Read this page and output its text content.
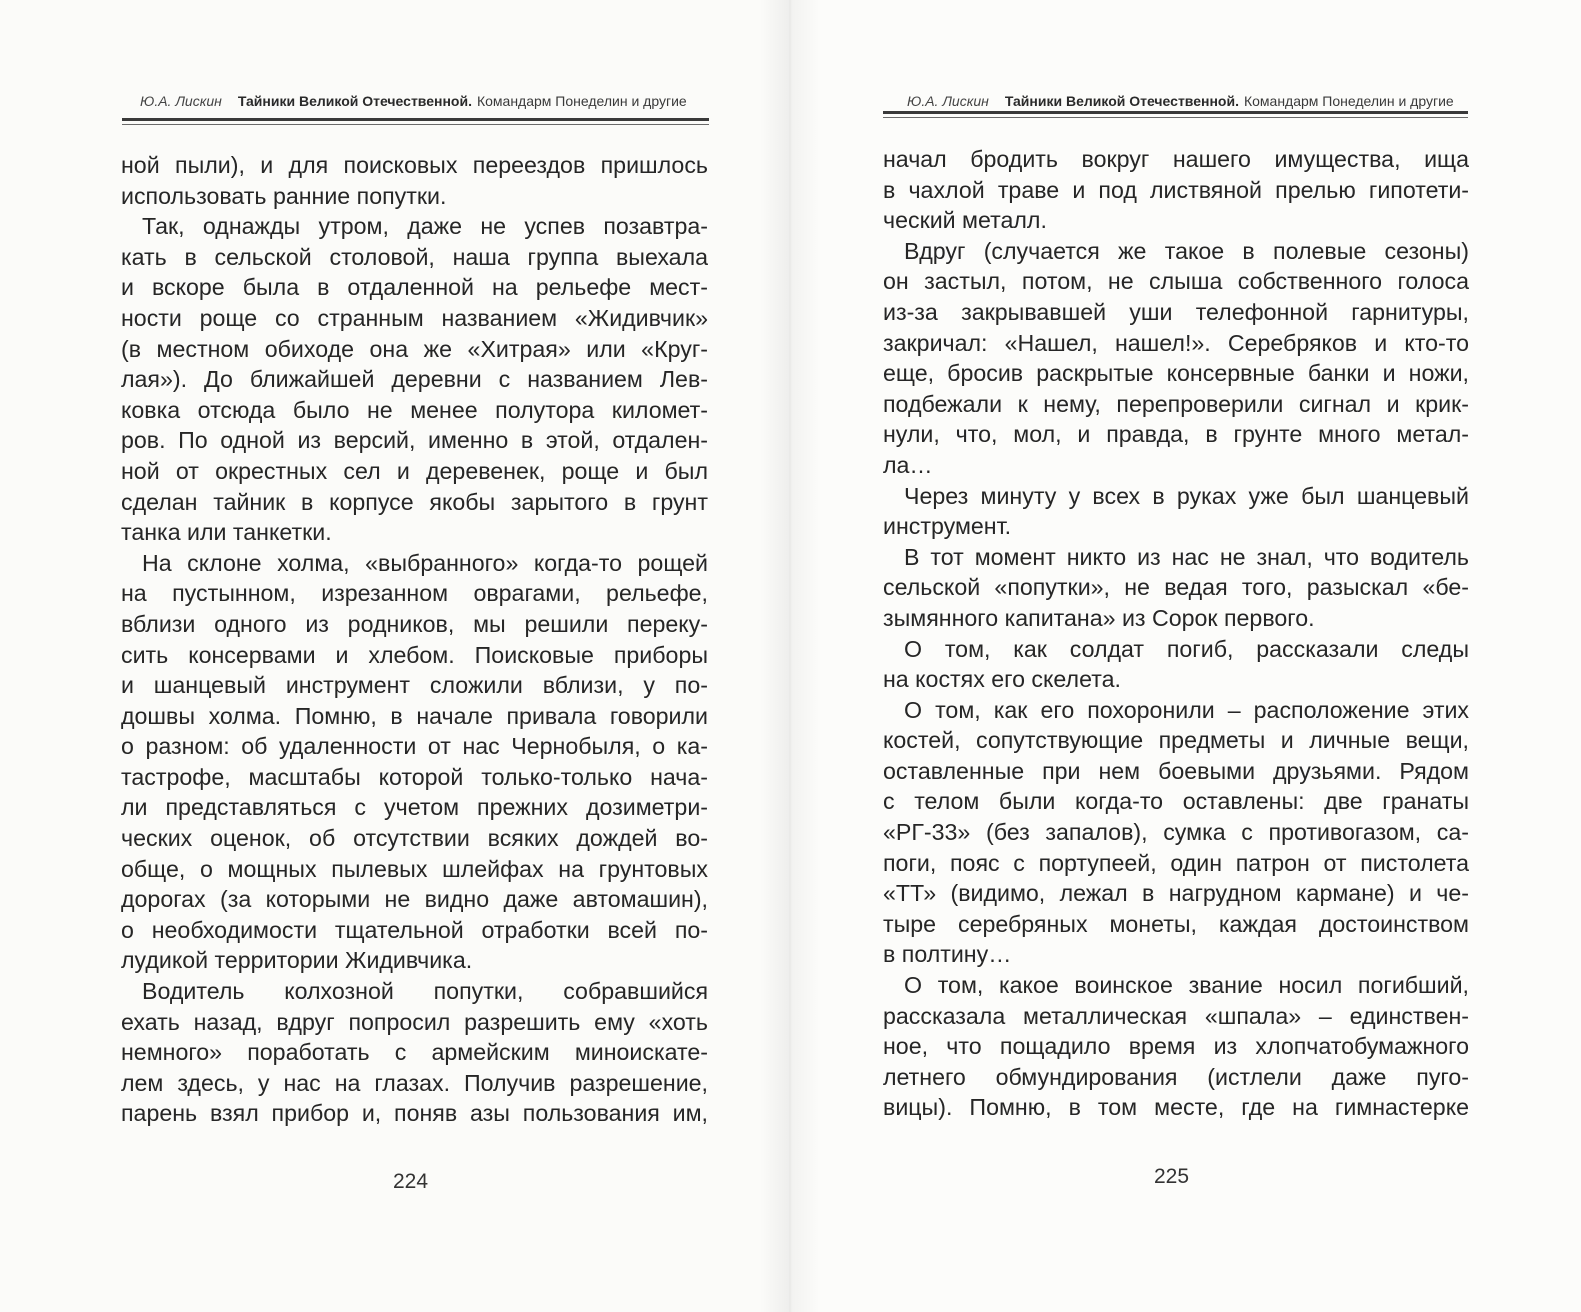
Ю.А. Лискин Тайники Великой Отечественной. Командарм Понеделин и другие
ной пыли), и для поисковых переездов пришлось
использовать ранние попутки.
Так, однажды утром, даже не успев позавтра-
кать в сельской столовой, наша группа выехала
и вскоре была в отдаленной на рельефе мест-
ности роще со странным названием «Жидивчик»
(в местном обиходе она же «Хитрая» или «Круг-
лая»). До ближайшей деревни с названием Лев-
ковка отсюда было не менее полутора километ-
ров. По одной из версий, именно в этой, отдален-
ной от окрестных сел и деревенек, роще и был
сделан тайник в корпусе якобы зарытого в грунт
танка или танкетки.
На склоне холма, «выбранного» когда-то рощей
на пустынном, изрезанном оврагами, рельефе,
вблизи одного из родников, мы решили переку-
сить консервами и хлебом. Поисковые приборы
и шанцевый инструмент сложили вблизи, у по-
дошвы холма. Помню, в начале привала говорили
о разном: об удаленности от нас Чернобыля, о ка-
тастрофе, масштабы которой только-только нача-
ли представляться с учетом прежних дозиметри-
ческих оценок, об отсутствии всяких дождей во-
обще, о мощных пылевых шлейфах на грунтовых
дорогах (за которыми не видно даже автомашин),
о необходимости тщательной отработки всей по-
лудикой территории Жидивчика.
Водитель колхозной попутки, собравшийся
ехать назад, вдруг попросил разрешить ему «хоть
немного» поработать с армейским миноискате-
лем здесь, у нас на глазах. Получив разрешение,
парень взял прибор и, поняв азы пользования им,
224
Ю.А. Лискин Тайники Великой Отечественной. Командарм Понеделин и другие
начал бродить вокруг нашего имущества, ища
в чахлой траве и под листвяной прелью гипотети-
ческий металл.
Вдруг (случается же такое в полевые сезоны)
он застыл, потом, не слыша собственного голоса
из-за закрывавшей уши телефонной гарнитуры,
закричал: «Нашел, нашел!». Серебряков и кто-то
еще, бросив раскрытые консервные банки и ножи,
подбежали к нему, перепроверили сигнал и крик-
нули, что, мол, и правда, в грунте много метал-
ла…
Через минуту у всех в руках уже был шанцевый
инструмент.
В тот момент никто из нас не знал, что водитель
сельской «попутки», не ведая того, разыскал «бе-
зымянного капитана» из Сорок первого.
О том, как солдат погиб, рассказали следы
на костях его скелета.
О том, как его похоронили – расположение этих
костей, сопутствующие предметы и личные вещи,
оставленные при нем боевыми друзьями. Рядом
с телом были когда-то оставлены: две гранаты
«РГ-33» (без запалов), сумка с противогазом, са-
поги, пояс с портупеей, один патрон от пистолета
«ТТ» (видимо, лежал в нагрудном кармане) и че-
тыре серебряных монеты, каждая достоинством
в полтину…
О том, какое воинское звание носил погибший,
рассказала металлическая «шпала» – единствен-
ное, что пощадило время из хлопчатобумажного
летнего обмундирования (истлели даже пуго-
вицы). Помню, в том месте, где на гимнастерке
225
